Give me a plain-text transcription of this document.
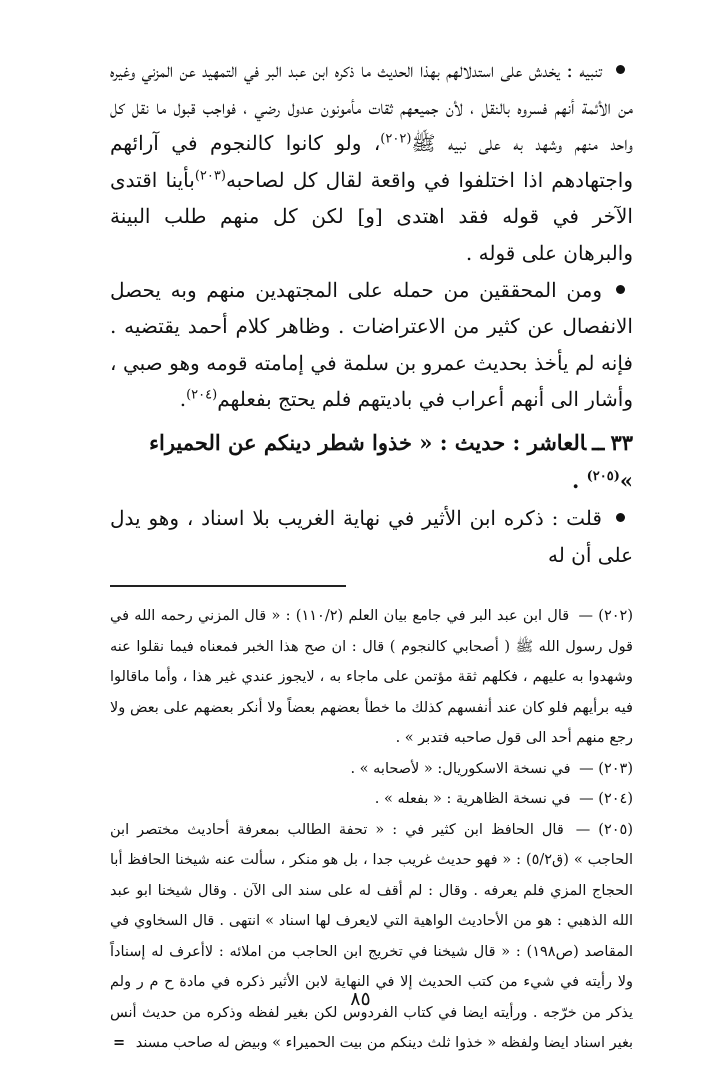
تنبيه : يخدش على استدلالهم بهذا الحديث ما ذكره ابن عبد البر في التمهيد عن المزني وغيره من الأئمة أنهم فسروه بالنقل ، لأن جميعهم ثقات مأمونون عدول رضي ، فواجب قبول ما نقل كل واحد منهم وشهد به على نبيه ﷺ$^{(٢٠٢)}$، ولو كانوا كالنجوم في آرائهم واجتهادهم اذا اختلفوا في واقعة لقال كل لصاحبه$^{(٢٠٣)}$بأينا اقتدى الآخر في قوله فقد اهتدى [و] لكن كل منهم طلب البينة والبرهان على قوله .

ومن المحققين من حمله على المجتهدين منهم وبه يحصل الانفصال عن كثير من الاعتراضات . وظاهر كلام أحمد يقتضيه . فإنه لم يأخذ بحديث عمرو بن سلمة في إمامته قومه وهو صبي ، وأشار الى أنهم أعراب في باديتهم فلم يحتج بفعلهم$^{(٢٠٤)}$.

٣٣ــالعاشر : حديث : « خذوا شطر دينكم عن الحميراء »$^{(٢٠٥)}$ .

قلت : ذكره ابن الأثير في نهاية الغريب بلا اسناد ، وهو يدل على أن له

(٢٠٢) — قال ابن عبد البر في جامع بيان العلم (١١٠/٢) : « قال المزني رحمه الله في قول رسول الله ﷺ ( أصحابي كالنجوم ) قال : ان صح هذا الخبر فمعناه فيما نقلوا عنه وشهدوا به عليهم ، فكلهم ثقة مؤتمن على ماجاء به ، لايجوز عندي غير هذا ، وأما ماقالوا فيه برأيهم فلو كان عند أنفسهم كذلك ما خطأ بعضهم بعضاً ولا أنكر بعضهم على بعض ولا رجع منهم أحد الى قول صاحبه فتدبر » .

(٢٠٣) — في نسخة الاسكوريال: « لأصحابه » .

(٢٠٤) — في نسخة الظاهرية : « بفعله » .

(٢٠٥) — قال الحافظ ابن كثير في : « تحفة الطالب بمعرفة أحاديث مختصر ابن الحاجب » (ق٥/٢) : « فهو حديث غريب جدا ، بل هو منكر ، سألت عنه شيخنا الحافظ أبا الحجاج المزي فلم يعرفه . وقال : لم أقف له على سند الى الآن . وقال شيخنا ابو عبد الله الذهبي : هو من الأحاديث الواهية التي لايعرف لها اسناد » انتهى . قال السخاوي في المقاصد (ص١٩٨) : « قال شيخنا في تخريج ابن الحاجب من املائه : لاأعرف له إسناداً ولا رأيته في شيء من كتب الحديث إلا في النهاية لابن الأثير ذكره في مادة ح م ر ولم يذكر من خرّجه . ورأيته ايضا في كتاب الفردوس لكن بغير لفظه وذكره من حديث أنس بغير اسناد ايضا ولفظه « خذوا ثلث دينكم من بيت الحميراء » وبيض له صاحب مسند =

٨٥
